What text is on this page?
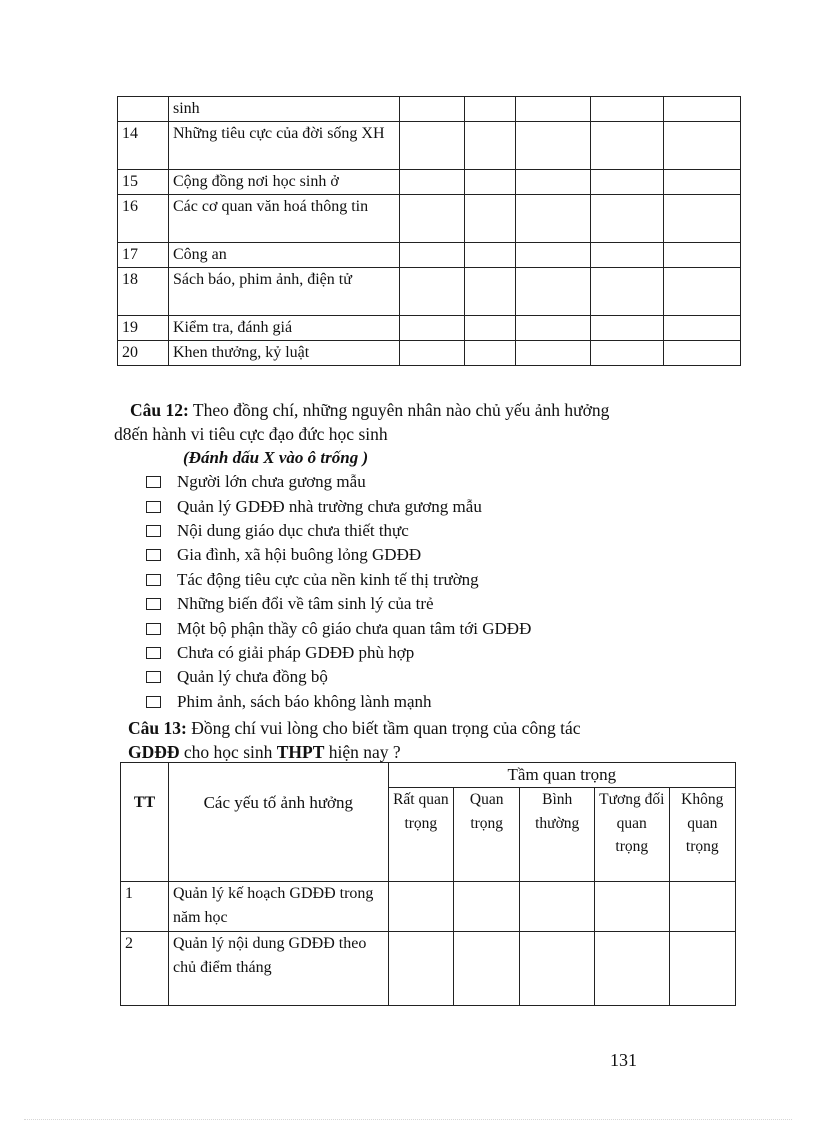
	sinh					
14	Những tiêu cực của đời sống XH					
15	Cộng đồng nơi học sinh ở					
16	Các cơ quan văn hoá thông tin					
17	Công an					
18	Sách báo, phim ảnh, điện tử					
19	Kiểm tra, đánh giá					
20	Khen thưởng, kỷ luật					
Câu 12: Theo đồng chí, những nguyên nhân nào chủ yếu ảnh hưởng
d8ến hành vi tiêu cực đạo đức học sinh
(Đánh dấu X vào ô trống )
Người lớn chưa gương mẫu
Quản lý GDĐĐ nhà trường chưa gương mẫu
Nội dung giáo dục chưa thiết thực
Gia đình, xã hội buông lỏng GDĐĐ
Tác động tiêu cực của nền kinh tế thị trường
Những biến đổi về tâm sinh lý của trẻ
Một bộ phận thầy cô giáo chưa quan tâm tới GDĐĐ
Chưa có giải pháp GDĐĐ phù hợp
Quản lý chưa đồng bộ
Phim ảnh, sách báo không lành mạnh
Câu 13: Đồng chí vui lòng cho biết tầm quan trọng của công tác
GDĐĐ cho học sinh THPT hiện nay ?
TT	Các yếu tố ảnh hưởng	Tầm quan trọng				
		Rất quan trọng	Quan trọng	Bình thường	Tương đối quan trọng	Không quan trọng
1	Quản lý kế hoạch GDĐĐ trong năm học					
2	Quản lý nội dung GDĐĐ theo chủ điểm tháng					
131
